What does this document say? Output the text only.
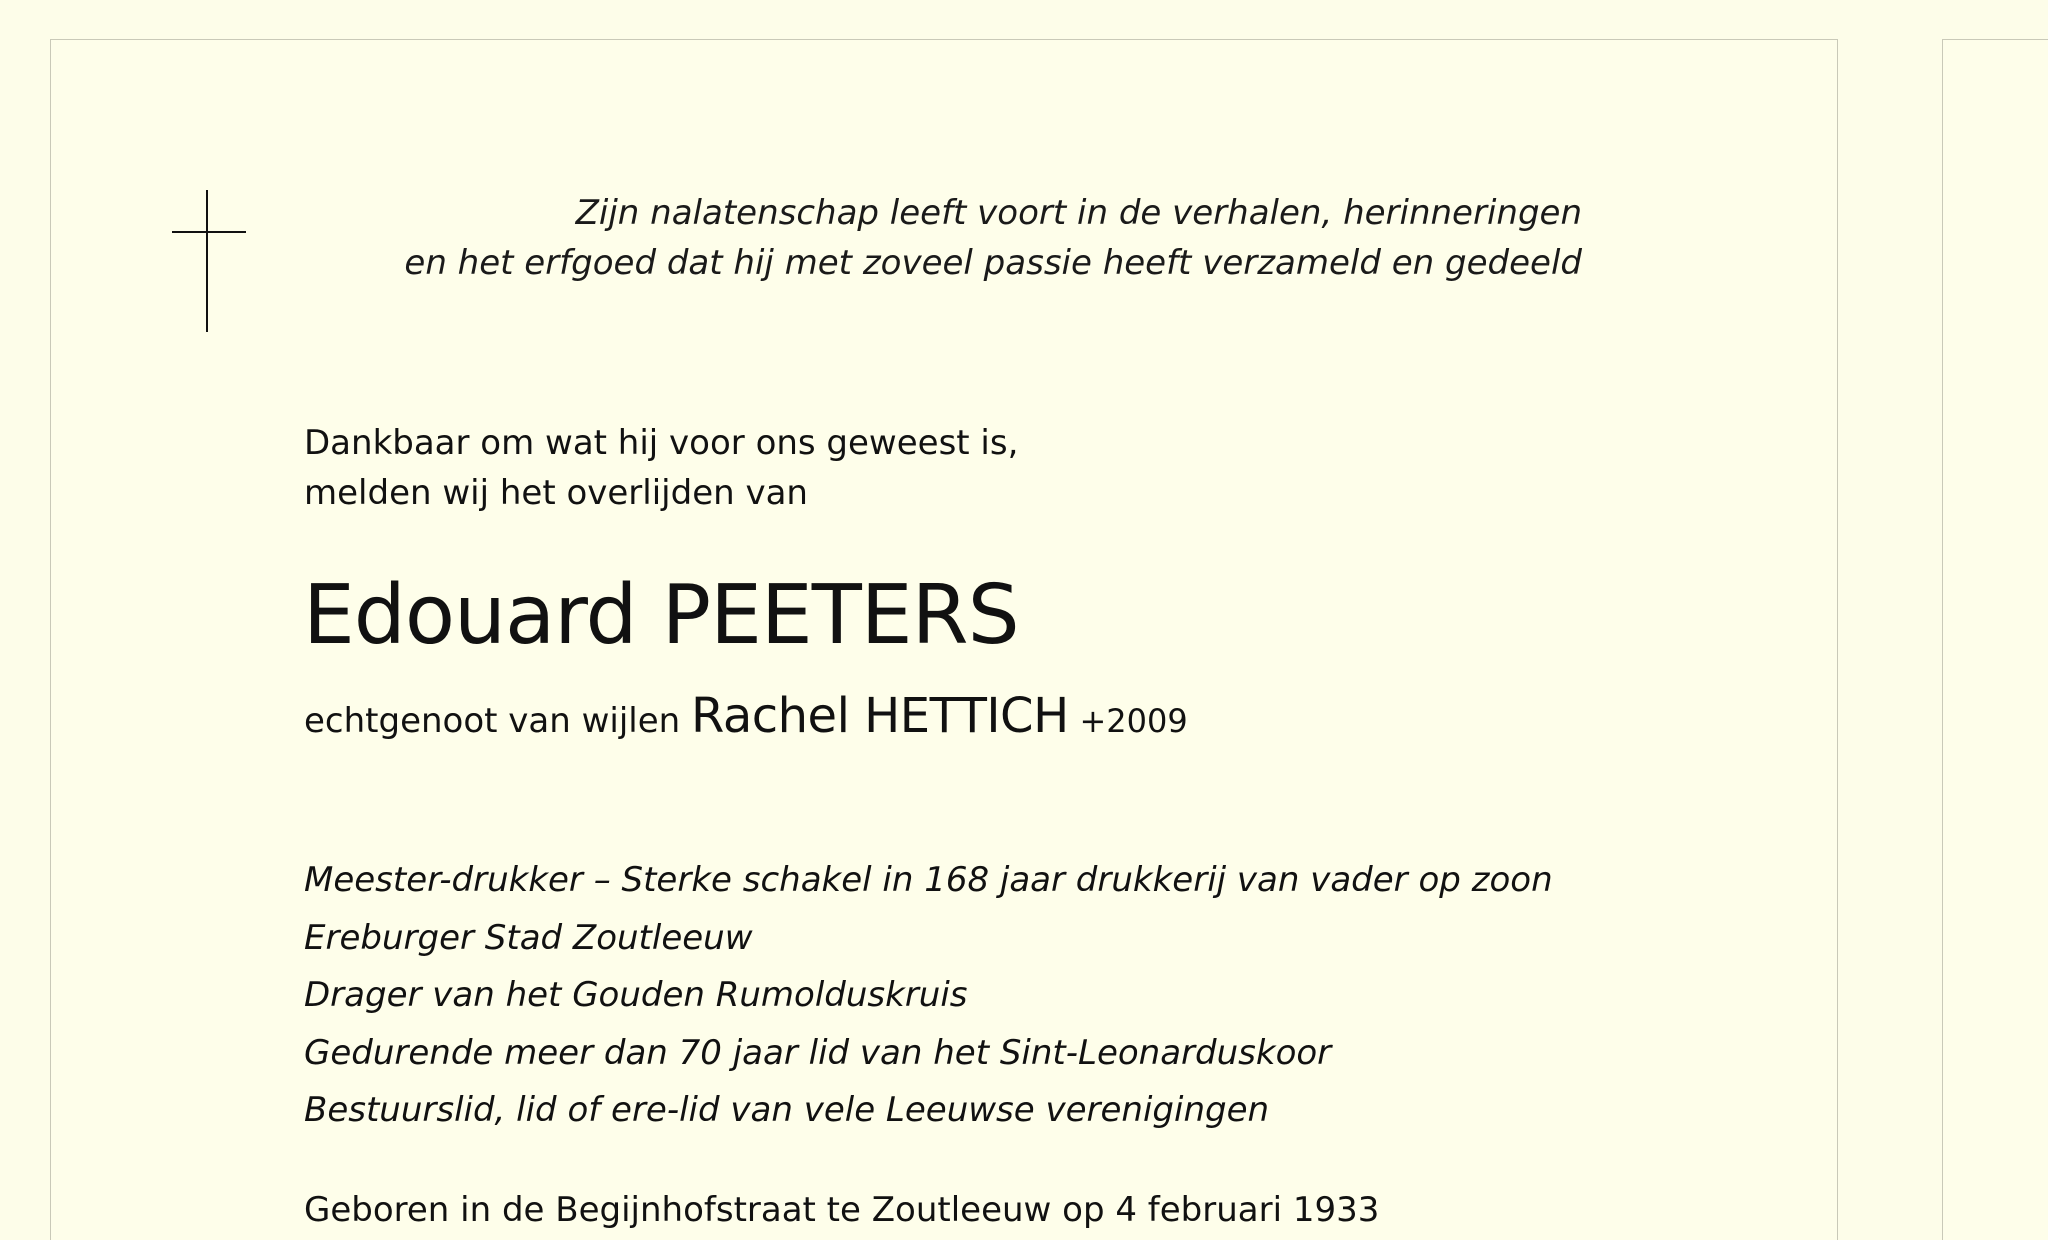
Zijn nalatenschap leeft voort in de verhalen, herinneringen
en het erfgoed dat hij met zoveel passie heeft verzameld en gedeeld
Dankbaar om wat hij voor ons geweest is,
melden wij het overlijden van
Edouard PEETERS
echtgenoot van wijlen Rachel HETTICH +2009
Meester-drukker – Sterke schakel in 168 jaar drukkerij van vader op zoon
Ereburger Stad Zoutleeuw
Drager van het Gouden Rumolduskruis
Gedurende meer dan 70 jaar lid van het Sint-Leonarduskoor
Bestuurslid, lid of ere-lid van vele Leeuwse verenigingen
Geboren in de Begijnhofstraat te Zoutleeuw op 4 februari 1933
